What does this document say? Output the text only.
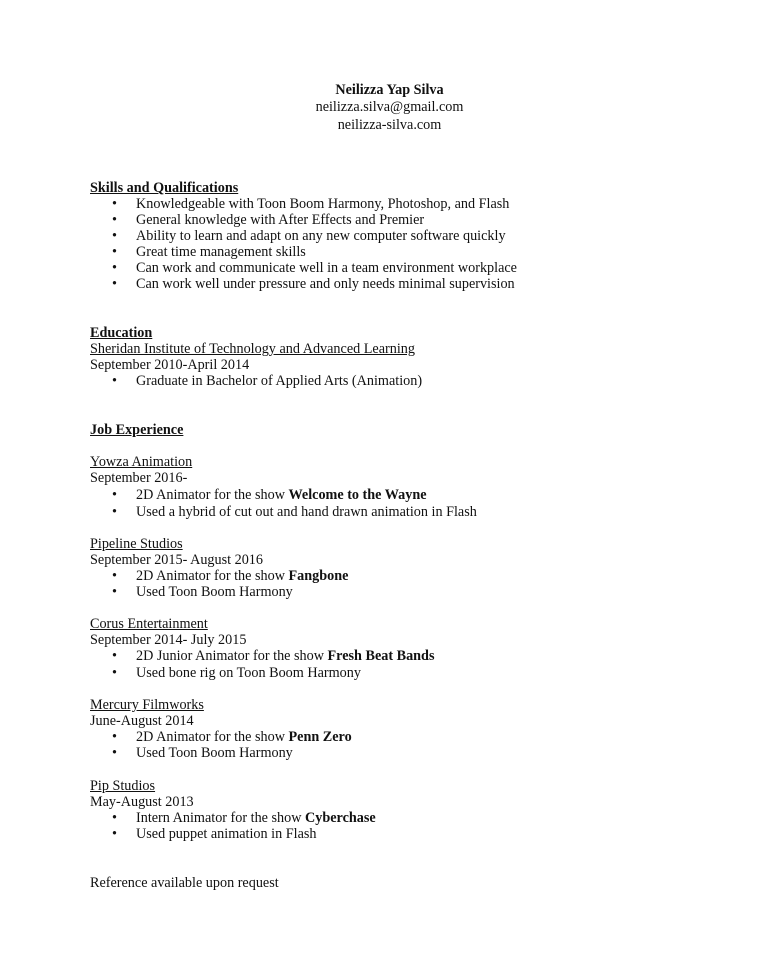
Neilizza Yap Silva
neilizza.silva@gmail.com
neilizza-silva.com
Skills and Qualifications
• Knowledgeable with Toon Boom Harmony, Photoshop, and Flash
• General knowledge with After Effects and Premier
• Ability to learn and adapt on any new computer software quickly
• Great time management skills
• Can work and communicate well in a team environment workplace
• Can work well under pressure and only needs minimal supervision
Education
Sheridan Institute of Technology and Advanced Learning
September 2010-April 2014
• Graduate in Bachelor of Applied Arts (Animation)
Job Experience
Yowza Animation
September 2016-
• 2D Animator for the show Welcome to the Wayne
• Used a hybrid of cut out and hand drawn animation in Flash
Pipeline Studios
September 2015- August 2016
• 2D Animator for the show Fangbone
• Used Toon Boom Harmony
Corus Entertainment
September 2014- July 2015
• 2D Junior Animator for the show Fresh Beat Bands
• Used bone rig on Toon Boom Harmony
Mercury Filmworks
June-August 2014
• 2D Animator for the show Penn Zero
• Used Toon Boom Harmony
Pip Studios
May-August 2013
• Intern Animator for the show Cyberchase
• Used puppet animation in Flash
Reference available upon request
